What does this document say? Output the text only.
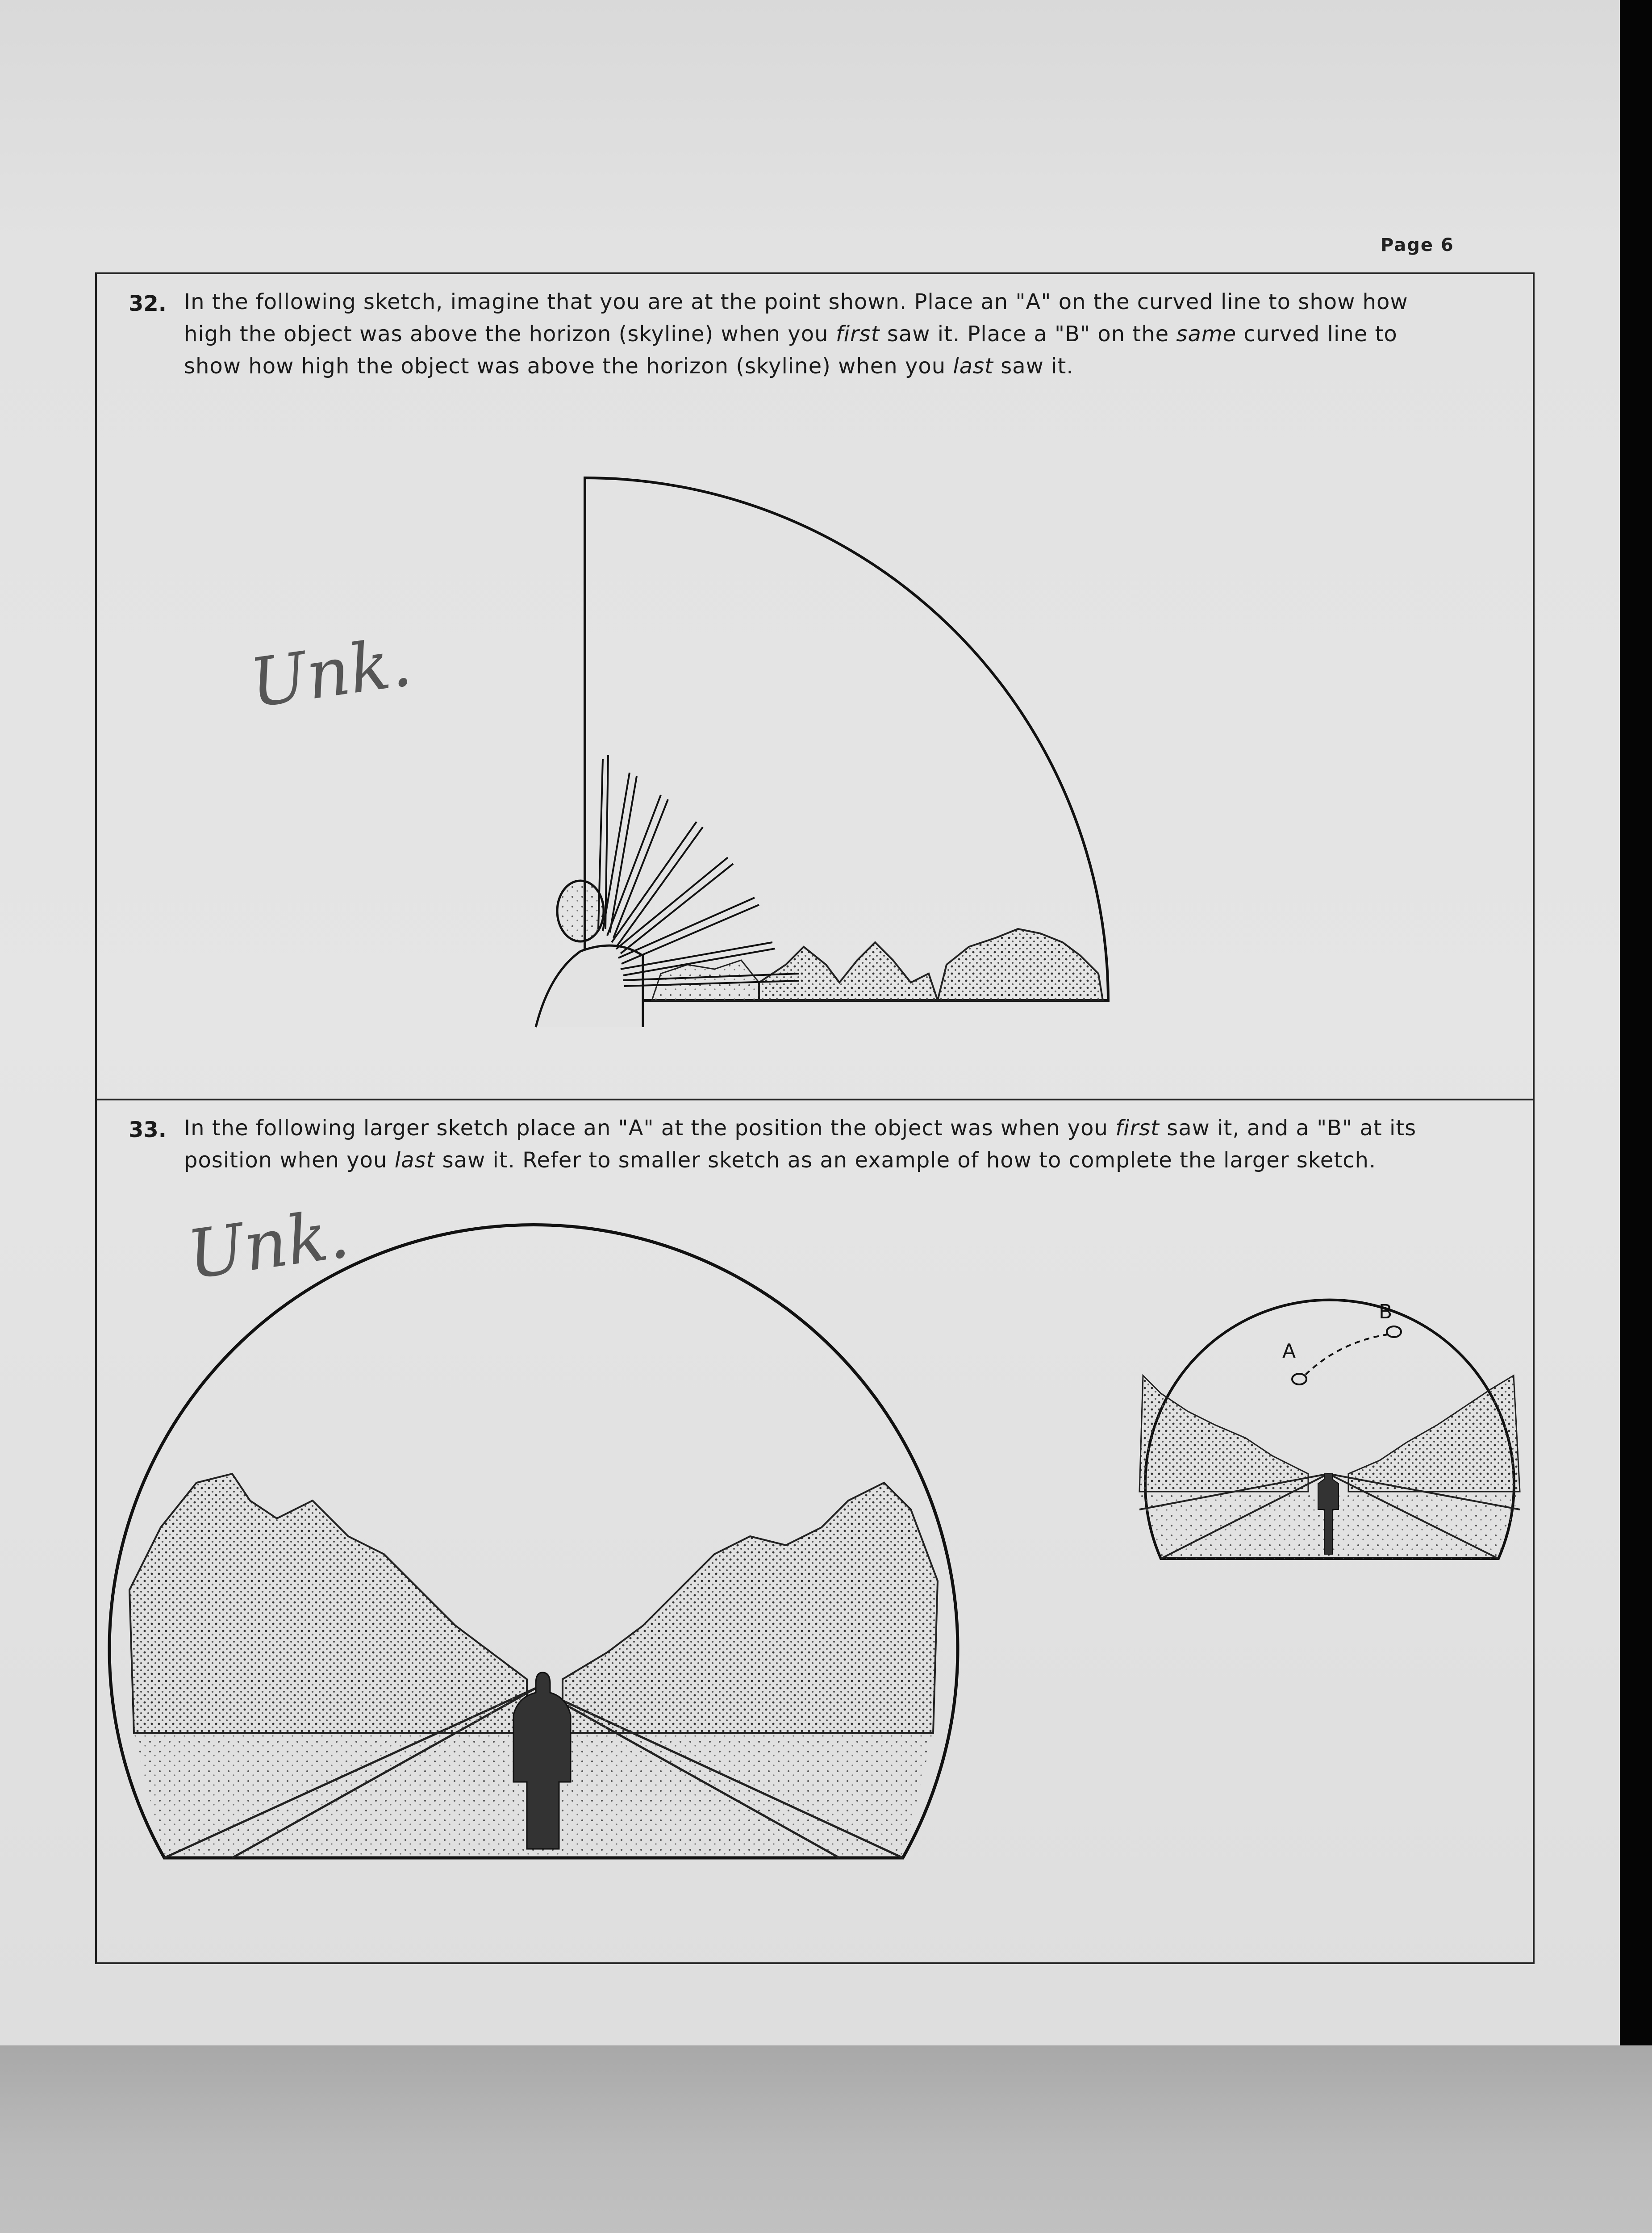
Page 6
32. In the following sketch, imagine that you are at the point shown. Place an "A" on the curved line to show how
high the object was above the horizon (skyline) when you first saw it. Place a "B" on the same curved line to
show how high the object was above the horizon (skyline) when you last saw it.
Unk.
33. In the following larger sketch place an "A" at the position the object was when you first saw it, and a "B" at its
position when you last saw it. Refer to smaller sketch as an example of how to complete the larger sketch.
Unk.
A
B
